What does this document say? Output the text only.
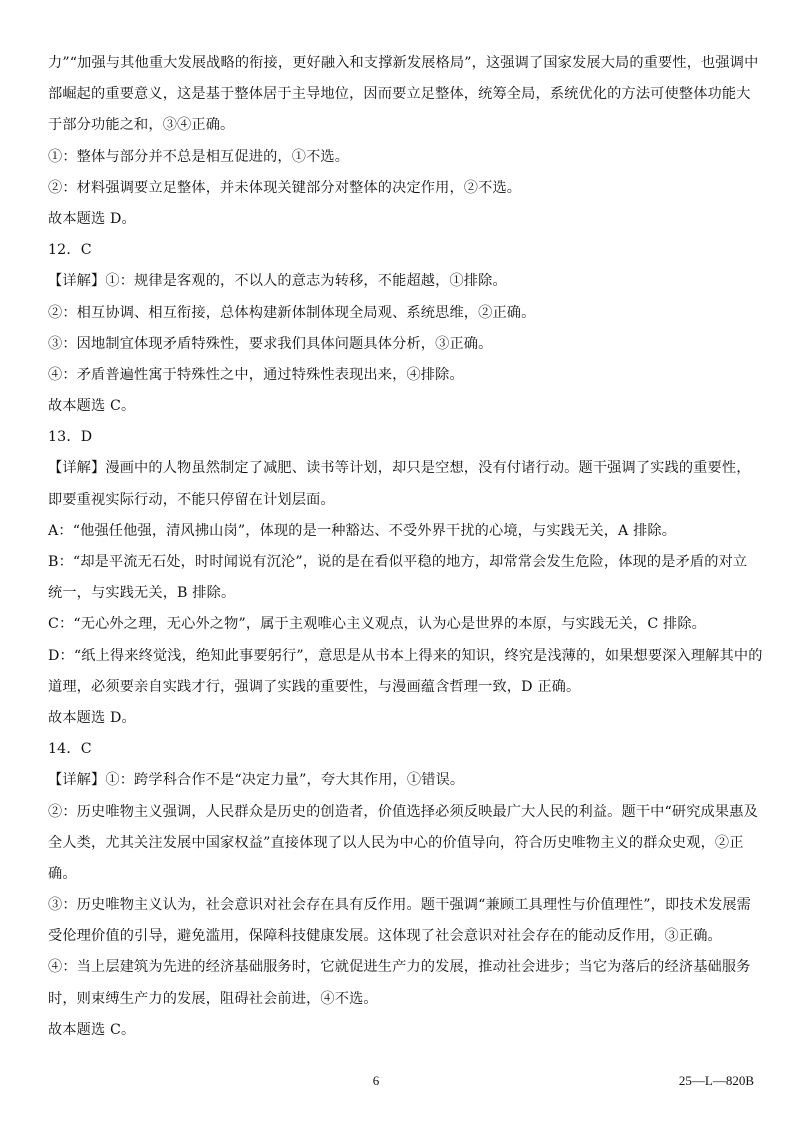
力”“加强与其他重大发展战略的衔接，更好融入和支撑新发展格局”，这强调了国家发展大局的重要性，也强调中
部崛起的重要意义，这是基于整体居于主导地位，因而要立足整体，统筹全局，系统优化的方法可使整体功能大
于部分功能之和，③④正确。
①：整体与部分并不总是相互促进的，①不选。
②：材料强调要立足整体，并未体现关键部分对整体的决定作用，②不选。
故本题选 D。
12．C
【详解】①：规律是客观的，不以人的意志为转移，不能超越，①排除。
②：相互协调、相互衔接，总体构建新体制体现全局观、系统思维，②正确。
③：因地制宜体现矛盾特殊性，要求我们具体问题具体分析，③正确。
④：矛盾普遍性寓于特殊性之中，通过特殊性表现出来，④排除。
故本题选 C。
13．D
【详解】漫画中的人物虽然制定了减肥、读书等计划，却只是空想，没有付诸行动。题干强调了实践的重要性，
即要重视实际行动，不能只停留在计划层面。
A：“他强任他强，清风拂山岗”，体现的是一种豁达、不受外界干扰的心境，与实践无关，A 排除。
B：“却是平流无石处，时时闻说有沉沦”，说的是在看似平稳的地方，却常常会发生危险，体现的是矛盾的对立
统一，与实践无关，B 排除。
C：“无心外之理，无心外之物”，属于主观唯心主义观点，认为心是世界的本原，与实践无关，C 排除。
D：“纸上得来终觉浅，绝知此事要躬行”，意思是从书本上得来的知识，终究是浅薄的，如果想要深入理解其中的
道理，必须要亲自实践才行，强调了实践的重要性，与漫画蕴含哲理一致，D 正确。
故本题选 D。
14．C
【详解】①：跨学科合作不是“决定力量”，夸大其作用，①错误。
②：历史唯物主义强调，人民群众是历史的创造者，价值选择必须反映最广大人民的利益。题干中“研究成果惠及
全人类，尤其关注发展中国家权益”直接体现了以人民为中心的价值导向，符合历史唯物主义的群众史观，②正
确。
③：历史唯物主义认为，社会意识对社会存在具有反作用。题干强调“兼顾工具理性与价值理性”，即技术发展需
受伦理价值的引导，避免滥用，保障科技健康发展。这体现了社会意识对社会存在的能动反作用，③正确。
④：当上层建筑为先进的经济基础服务时，它就促进生产力的发展，推动社会进步；当它为落后的经济基础服务
时，则束缚生产力的发展，阻碍社会前进，④不选。
故本题选 C。
6	25—L—820B
